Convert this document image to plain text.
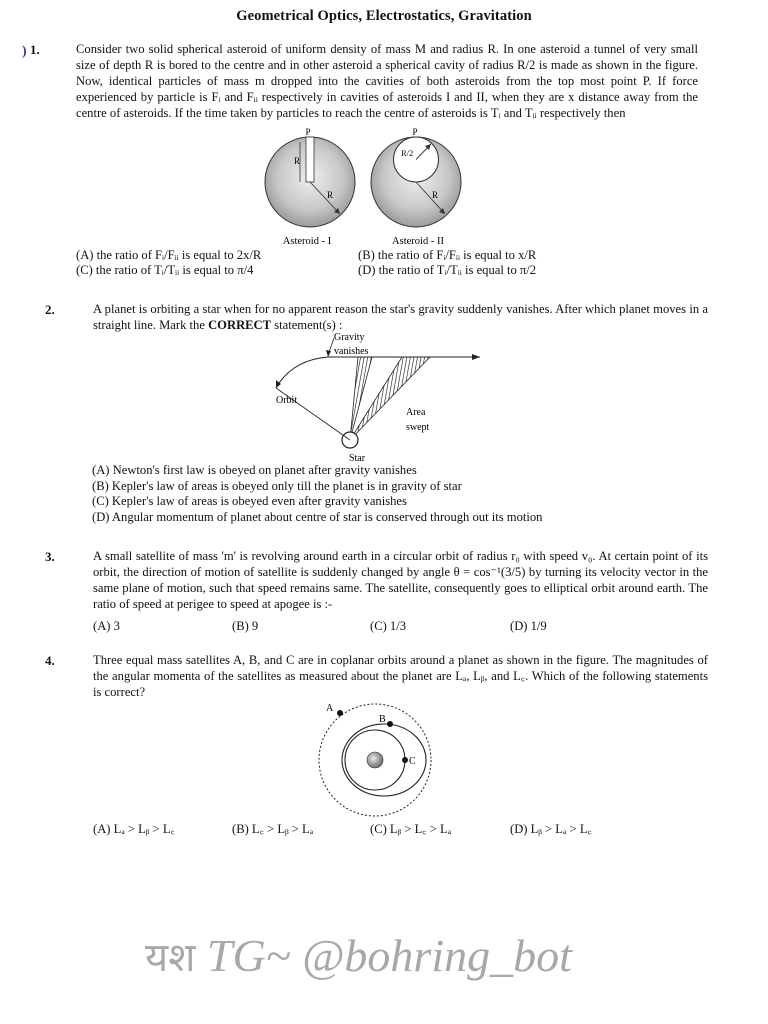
Geometrical Optics, Electrostatics, Gravitation
) 1.	Consider two solid spherical asteroid of uniform density of mass M and radius R. In one asteroid a tunnel of very small size of depth R is bored to the centre and in other asteroid a spherical cavity of radius R/2 is made as shown in the figure. Now, identical particles of mass m dropped into the cavities of both asteroids from the top most point P. If force experienced by particle is Fᵢ and Fᵢᵢ respectively in cavities of asteroids I and II, when they are x distance away from the centre of asteroids. If the time taken by particles to reach the centre of asteroids is Tᵢ and Tᵢᵢ respectively then
P
R
R
Asteroid - I
P
R/2
R
Asteroid - II
(A) the ratio of Fᵢ/Fᵢᵢ is equal to 2x/R	(B) the ratio of Fᵢ/Fᵢᵢ is equal to x/R
(C) the ratio of Tᵢ/Tᵢᵢ is equal to π/4	(D) the ratio of Tᵢ/Tᵢᵢ is equal to π/2
2.	A planet is orbiting a star when for no apparent reason the star's gravity suddenly vanishes. After which planet moves in a straight line. Mark the CORRECT statement(s) :
Gravity
vanishes
Orbit
Area
swept
Star
(A) Newton's first law is obeyed on planet after gravity vanishes
(B) Kepler's law of areas is obeyed only till the planet is in gravity of star
(C) Kepler's law of areas is obeyed even after gravity vanishes
(D) Angular momentum of planet about centre of star is conserved through out its motion
3.	A small satellite of mass 'm' is revolving around earth in a circular orbit of radius r₀ with speed v₀. At certain point of its orbit, the direction of motion of satellite is suddenly changed by angle θ = cos⁻¹(3/5) by turning its velocity vector in the same plane of motion, such that speed remains same. The satellite, consequently goes to elliptical orbit around earth. The ratio of speed at perigee to speed at apogee is :-
(A) 3	(B) 9	(C) 1/3	(D) 1/9
4.	Three equal mass satellites A, B, and C are in coplanar orbits around a planet as shown in the figure. The magnitudes of the angular momenta of the satellites as measured about the planet are Lₐ, Lᵦ, and L꜀. Which of the following statements is correct?
A
B
C
(A) Lₐ > Lᵦ > L꜀	(B) L꜀ > Lᵦ > Lₐ	(C) Lᵦ > L꜀ > Lₐ	(D) Lᵦ > Lₐ > L꜀
यश TG~ @bohring_bot
